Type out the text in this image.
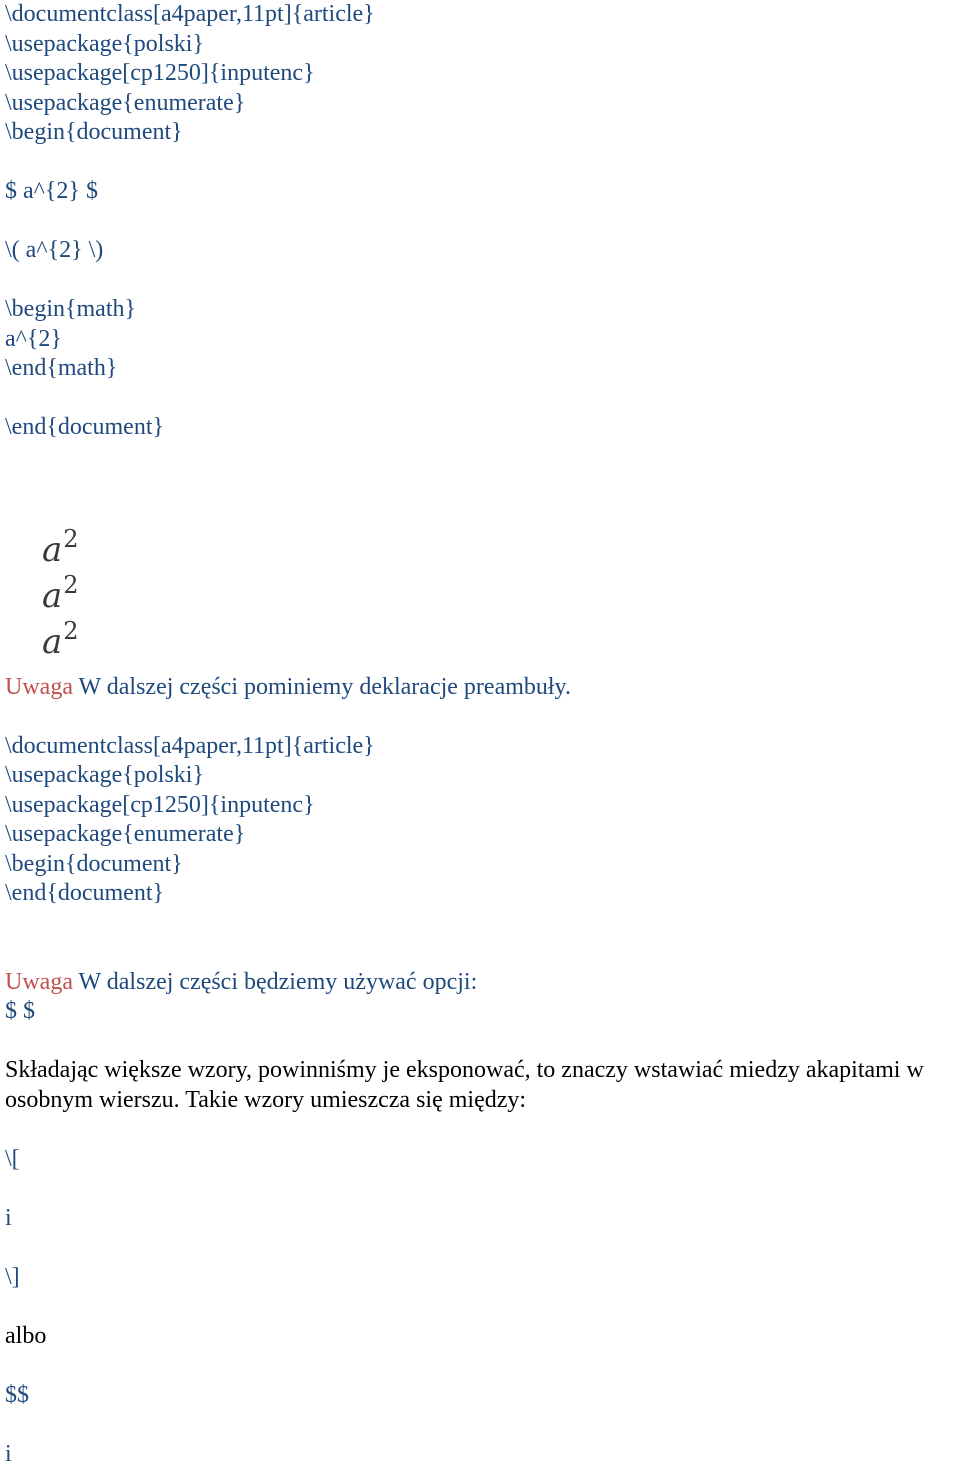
\documentclass[a4paper,11pt]{article}
\usepackage{polski}
\usepackage[cp1250]{inputenc}
\usepackage{enumerate}
\begin{document}
$ a^{2} $
\( a^{2} \)
\begin{math}
a^{2}
\end{math}
\end{document}
$a^2$
$a^2$
$a^2$
Uwaga W dalszej części pominiemy deklaracje preambuły.
\documentclass[a4paper,11pt]{article}
\usepackage{polski}
\usepackage[cp1250]{inputenc}
\usepackage{enumerate}
\begin{document}
\end{document}
Uwaga W dalszej części będziemy używać opcji:
$ $
Składając większe wzory, powinniśmy je eksponować, to znaczy wstawiać miedzy akapitami w osobnym wierszu. Takie wzory umieszcza się między:
\[
i
\]
albo
$$
i
